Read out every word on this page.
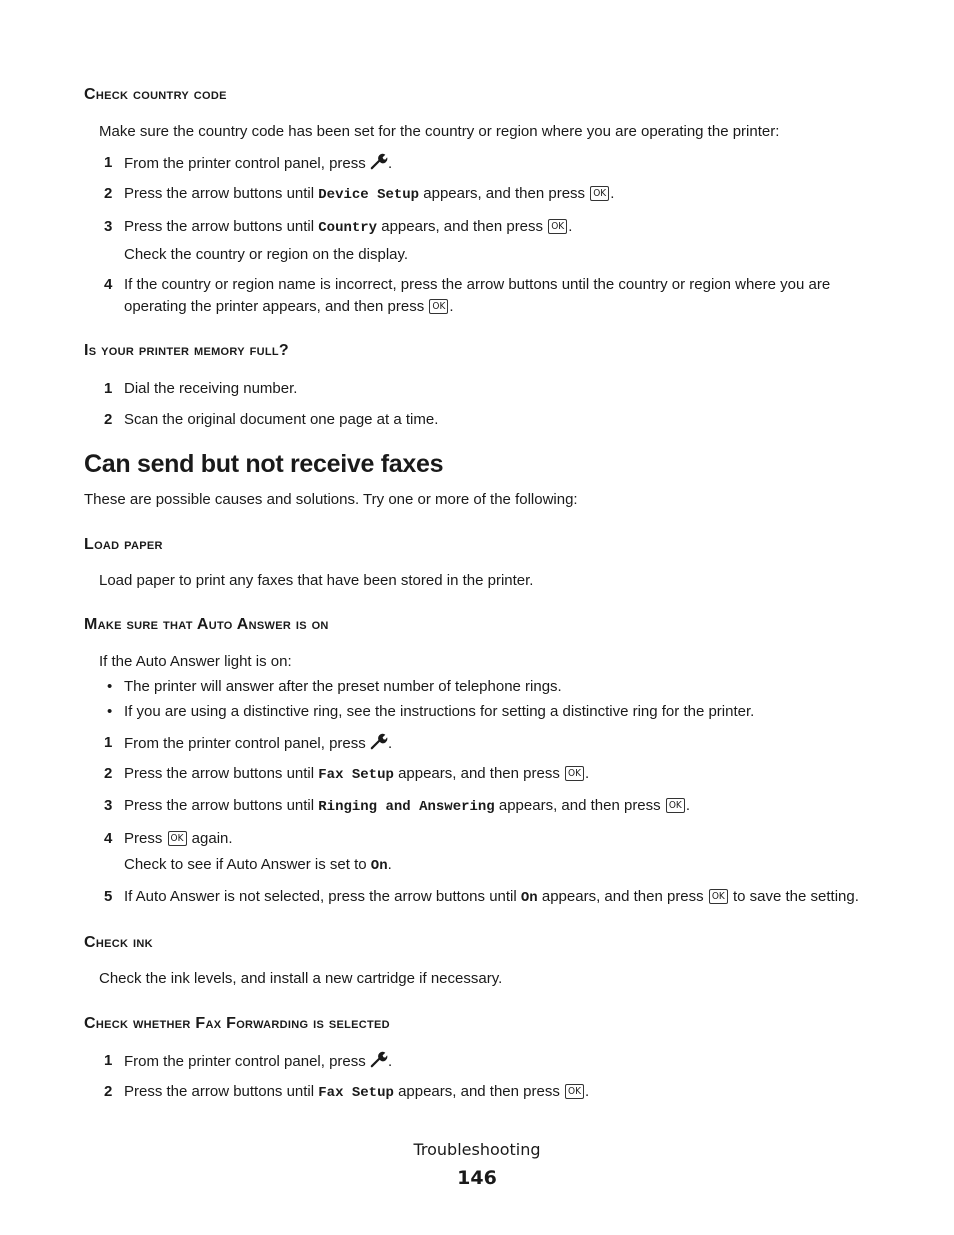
Check country code

Make sure the country code has been set for the country or region where you are operating the printer:

1 From the printer control panel, press .
2 Press the arrow buttons until Device Setup appears, and then press OK .
3 Press the arrow buttons until Country appears, and then press OK .
Check the country or region on the display.
4 If the country or region name is incorrect, press the arrow buttons until the country or region where you are operating the printer appears, and then press OK .
Is your printer memory full?
1 Dial the receiving number.
2 Scan the original document one page at a time.
Can send but not receive faxes

These are possible causes and solutions. Try one or more of the following:

Load paper

Load paper to print any faxes that have been stored in the printer.

Make sure that Auto Answer is on

If the Auto Answer light is on:

• The printer will answer after the preset number of telephone rings.
• If you are using a distinctive ring, see the instructions for setting a distinctive ring for the printer.
1 From the printer control panel, press .
2 Press the arrow buttons until Fax Setup appears, and then press OK .
3 Press the arrow buttons until Ringing and Answering appears, and then press OK .
4 Press OK again.
Check to see if Auto Answer is set to On.
5 If Auto Answer is not selected, press the arrow buttons until On appears, and then press OK to save the setting.
Check ink

Check the ink levels, and install a new cartridge if necessary.

Check whether Fax Forwarding is selected
1 From the printer control panel, press .
2 Press the arrow buttons until Fax Setup appears, and then press OK .
Troubleshooting
146
